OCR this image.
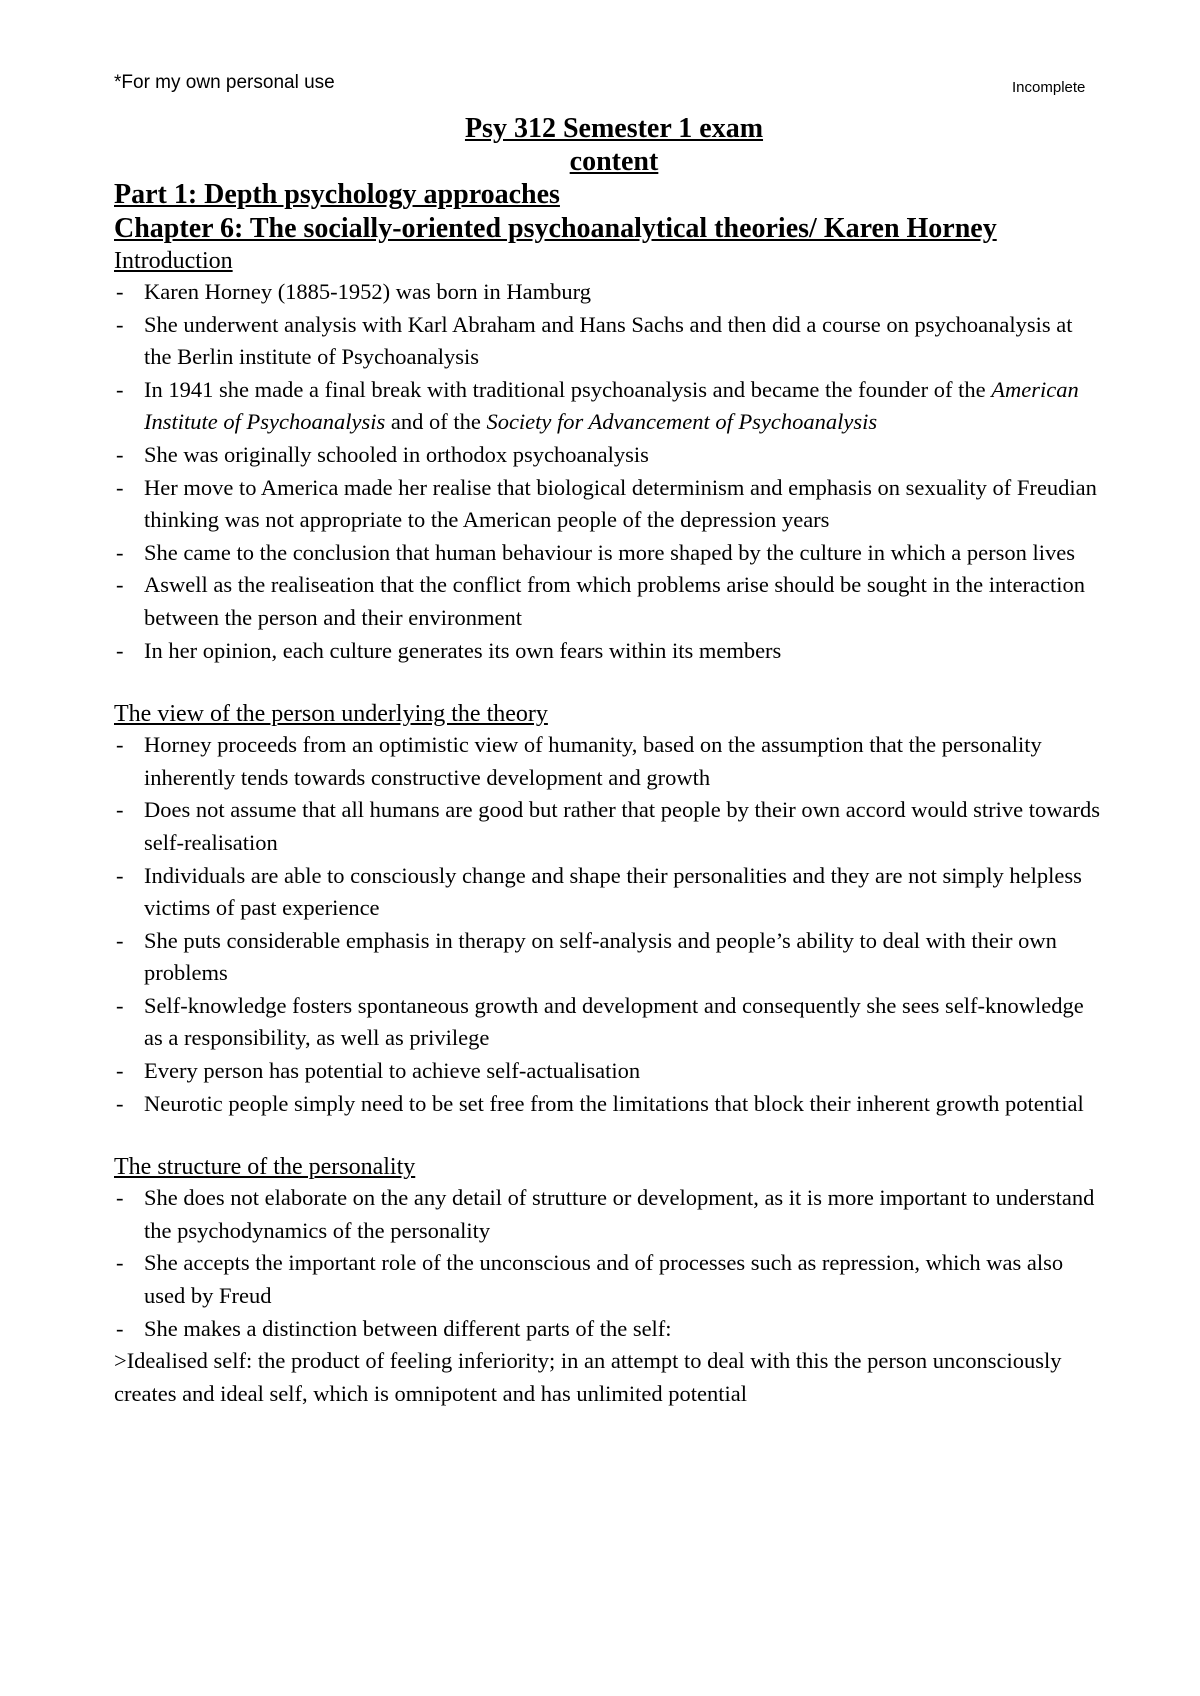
*For my own personal use	Incomplete
Psy 312 Semester 1 exam
content
Part 1: Depth psychology approaches
Chapter 6: The socially-oriented psychoanalytical theories/ Karen Horney
Introduction
- Karen Horney (1885-1952) was born in Hamburg
- She underwent analysis with Karl Abraham and Hans Sachs and then did a course on psychoanalysis at the Berlin institute of Psychoanalysis
- In 1941 she made a final break with traditional psychoanalysis and became the founder of the American Institute of Psychoanalysis and of the Society for Advancement of Psychoanalysis
- She was originally schooled in orthodox psychoanalysis
- Her move to America made her realise that biological determinism and emphasis on sexuality of Freudian thinking was not appropriate to the American people of the depression years
- She came to the conclusion that human behaviour is more shaped by the culture in which a person lives
- Aswell as the realiseation that the conflict from which problems arise should be sought in the interaction between the person and their environment
- In her opinion, each culture generates its own fears within its members
The view of the person underlying the theory
- Horney proceeds from an optimistic view of humanity, based on the assumption that the personality inherently tends towards constructive development and growth
- Does not assume that all humans are good but rather that people by their own accord would strive towards self-realisation
- Individuals are able to consciously change and shape their personalities and they are not simply helpless victims of past experience
- She puts considerable emphasis in therapy on self-analysis and people’s ability to deal with their own problems
- Self-knowledge fosters spontaneous growth and development and consequently she sees self-knowledge as a responsibility, as well as privilege
- Every person has potential to achieve self-actualisation
- Neurotic people simply need to be set free from the limitations that block their inherent growth potential
The structure of the personality
- She does not elaborate on the any detail of strutture or development, as it is more important to understand the psychodynamics of the personality
- She accepts the important role of the unconscious and of processes such as repression, which was also used by Freud
- She makes a distinction between different parts of the self:
>Idealised self: the product of feeling inferiority; in an attempt to deal with this the person unconsciously creates and ideal self, which is omnipotent and has unlimited potential
